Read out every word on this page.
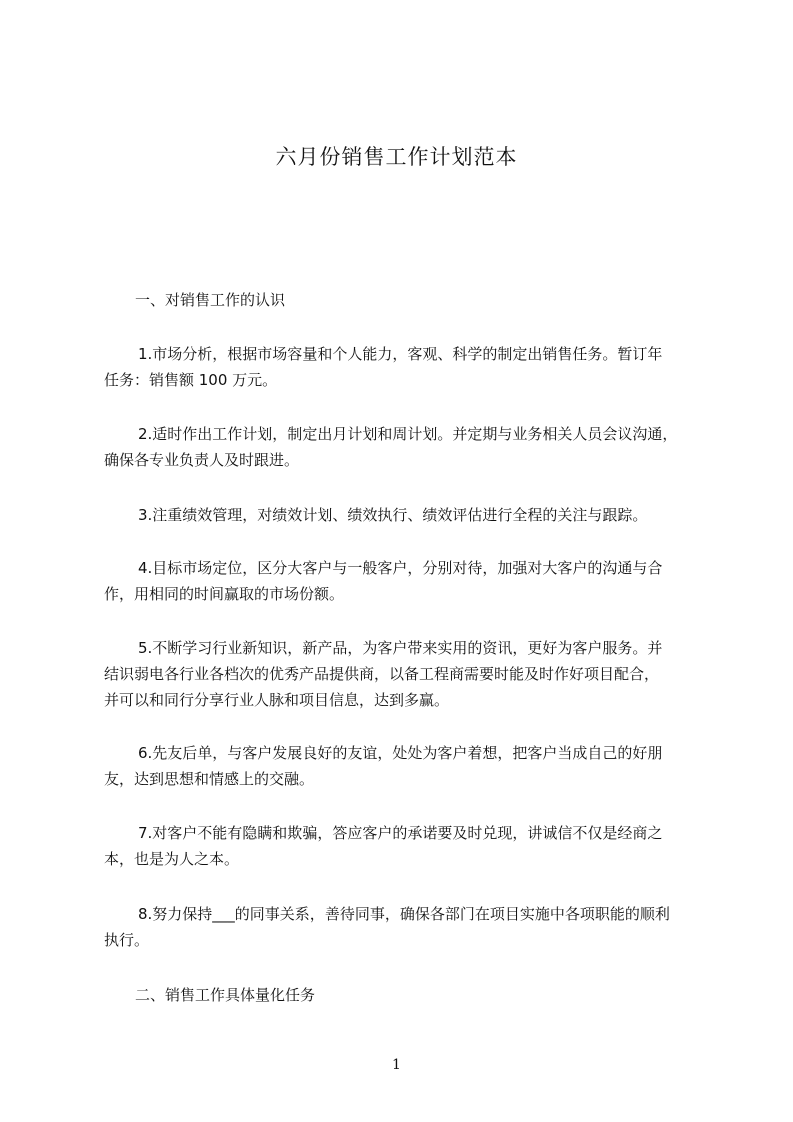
六月份销售工作计划范本
一、对销售工作的认识
1.市场分析，根据市场容量和个人能力，客观、科学的制定出销售任务。暂订年
任务：销售额 100 万元。
2.适时作出工作计划，制定出月计划和周计划。并定期与业务相关人员会议沟通，
确保各专业负责人及时跟进。
3.注重绩效管理，对绩效计划、绩效执行、绩效评估进行全程的关注与跟踪。
4.目标市场定位，区分大客户与一般客户，分别对待，加强对大客户的沟通与合
作，用相同的时间赢取的市场份额。
5.不断学习行业新知识，新产品，为客户带来实用的资讯，更好为客户服务。并
结识弱电各行业各档次的优秀产品提供商，以备工程商需要时能及时作好项目配合，
并可以和同行分享行业人脉和项目信息，达到多赢。
6.先友后单，与客户发展良好的友谊，处处为客户着想，把客户当成自己的好朋
友，达到思想和情感上的交融。
7.对客户不能有隐瞒和欺骗，答应客户的承诺要及时兑现，讲诚信不仅是经商之
本，也是为人之本。
8.努力保持___的同事关系，善待同事，确保各部门在项目实施中各项职能的顺利
执行。
二、销售工作具体量化任务
1
